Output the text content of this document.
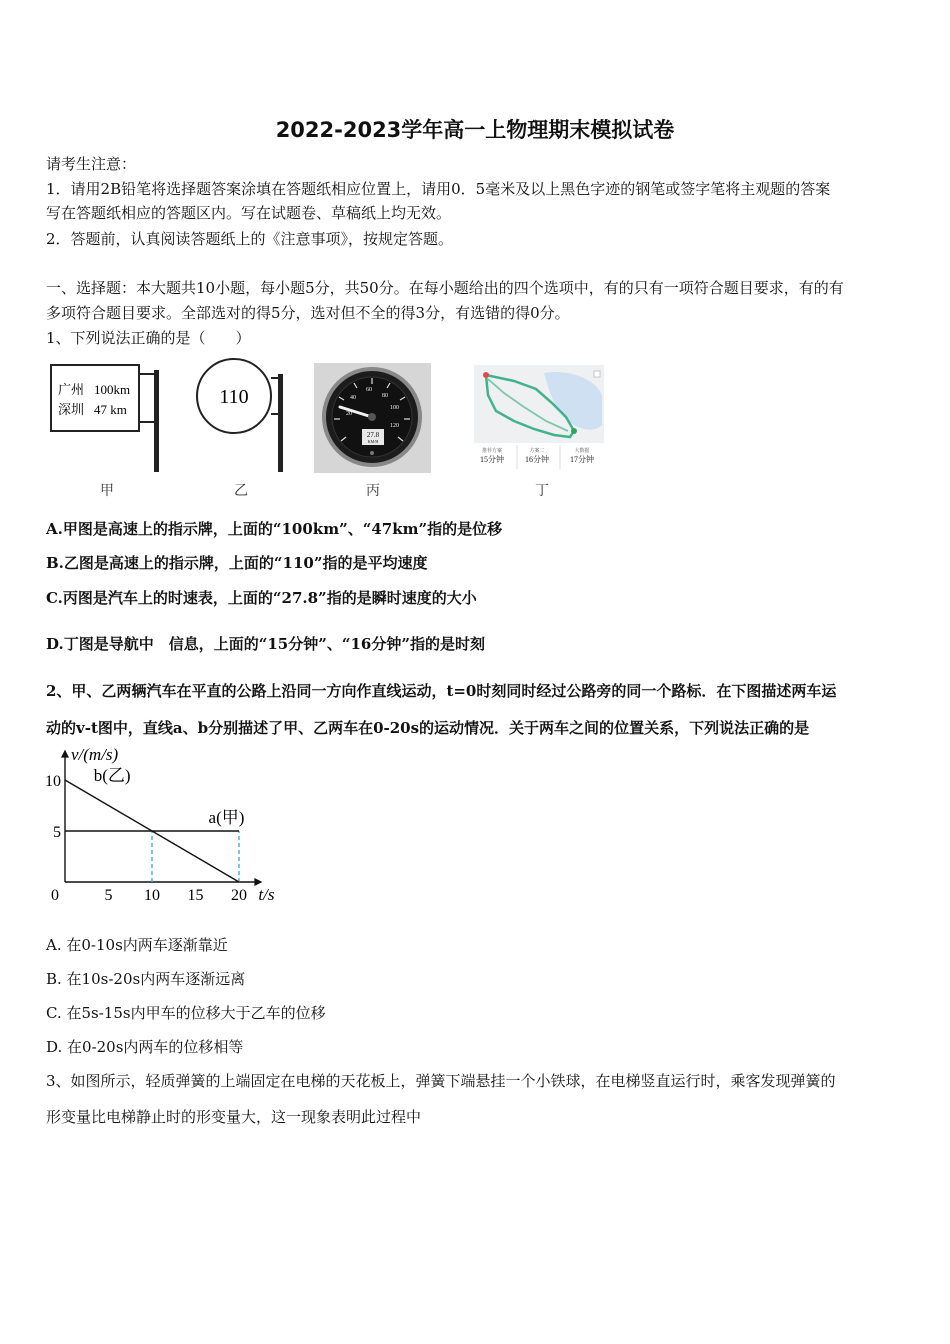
2022-2023学年高一上物理期末模拟试卷
请考生注意：
1．请用2B铅笔将选择题答案涂填在答题纸相应位置上，请用0．5毫米及以上黑色字迹的钢笔或签字笔将主观题的答案
写在答题纸相应的答题区内。写在试题卷、草稿纸上均无效。
2．答题前，认真阅读答题纸上的《注意事项》，按规定答题。
一、选择题：本大题共10小题，每小题5分，共50分。在每小题给出的四个选项中，有的只有一项符合题目要求，有的有
多项符合题目要求。全部选对的得5分，选对但不全的得3分，有选错的得0分。
1、下列说法正确的是（　　）
广州 100km
深圳 47 km
甲
110
乙
20
40
60
80
100
120
27.8
KM/H
丙
推荐方案
15分钟
方案二
16分钟
大数据
17分钟
丁
A.甲图是高速上的指示牌，上面的“100km”、“47km”指的是位移
B.乙图是高速上的指示牌，上面的“110”指的是平均速度
C.丙图是汽车上的时速表，上面的“27.8”指的是瞬时速度的大小
D.丁图是导航中　信息，上面的“15分钟”、“16分钟”指的是时刻
2、甲、乙两辆汽车在平直的公路上沿同一方向作直线运动，t=0时刻同时经过公路旁的同一个路标．在下图描述两车运
动的v-t图中，直线a、b分别描述了甲、乙两车在0-20s的运动情况．关于两车之间的位置关系，下列说法正确的是
0	5 10 15 20
5
10
v/(m/s)
t/s
a(甲)
b(乙)
A. 在0-10s内两车逐渐靠近
B. 在10s-20s内两车逐渐远离
C. 在5s-15s内甲车的位移大于乙车的位移
D. 在0-20s内两车的位移相等
3、如图所示，轻质弹簧的上端固定在电梯的天花板上，弹簧下端悬挂一个小铁球，在电梯竖直运行时，乘客发现弹簧的
形变量比电梯静止时的形变量大，这一现象表明此过程中
